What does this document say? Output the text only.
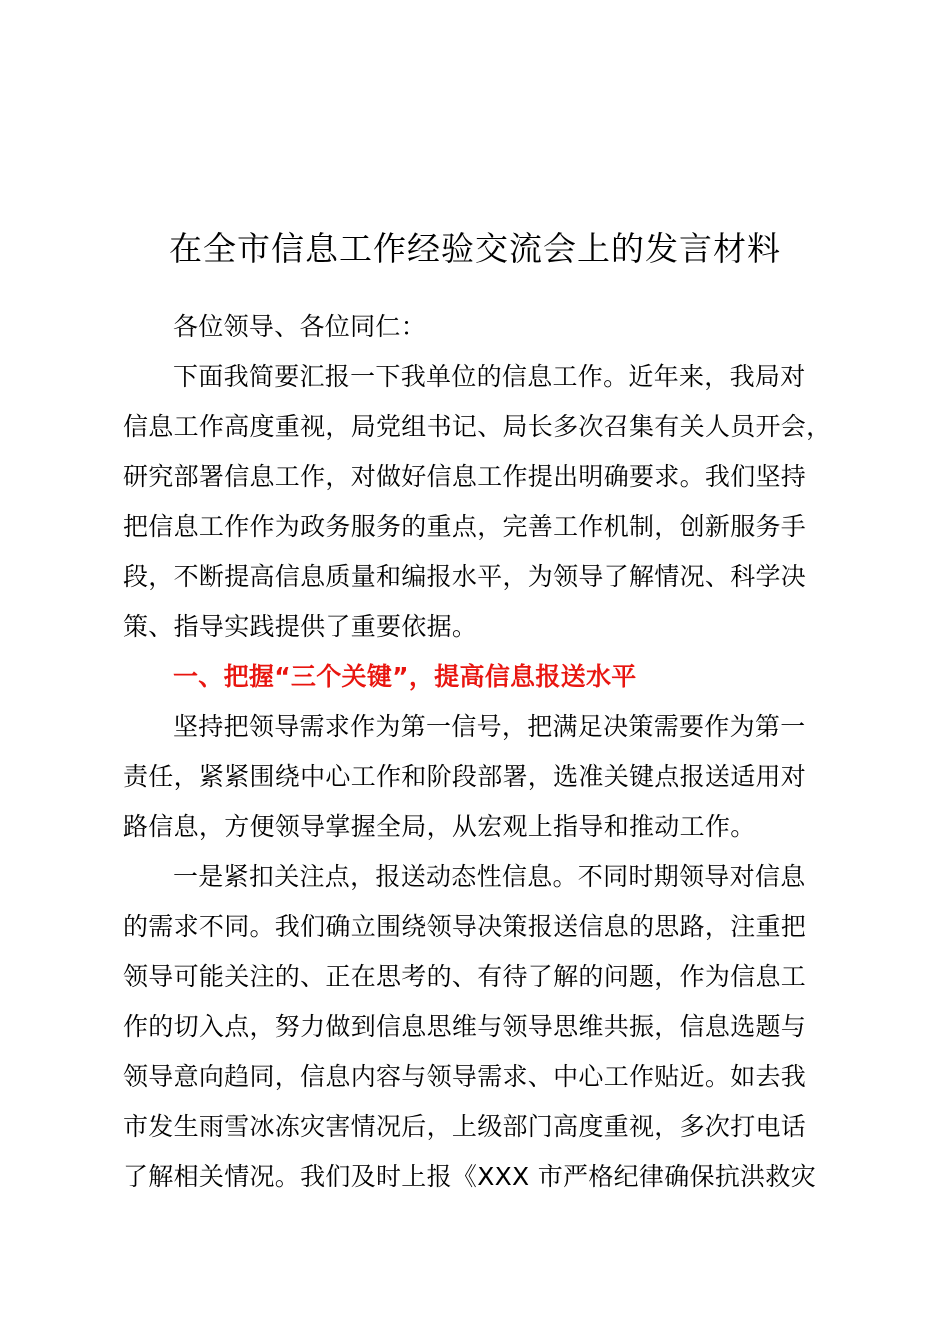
在全市信息工作经验交流会上的发言材料
各位领导、各位同仁：
下面我简要汇报一下我单位的信息工作。近年来，我局对
信息工作高度重视，局党组书记、局长多次召集有关人员开会，
研究部署信息工作，对做好信息工作提出明确要求。我们坚持
把信息工作作为政务服务的重点，完善工作机制，创新服务手
段，不断提高信息质量和编报水平，为领导了解情况、科学决
策、指导实践提供了重要依据。
一、把握“三个关键”，提高信息报送水平
坚持把领导需求作为第一信号，把满足决策需要作为第一
责任，紧紧围绕中心工作和阶段部署，选准关键点报送适用对
路信息，方便领导掌握全局，从宏观上指导和推动工作。
一是紧扣关注点，报送动态性信息。不同时期领导对信息
的需求不同。我们确立围绕领导决策报送信息的思路，注重把
领导可能关注的、正在思考的、有待了解的问题，作为信息工
作的切入点，努力做到信息思维与领导思维共振，信息选题与
领导意向趋同，信息内容与领导需求、中心工作贴近。如去我
市发生雨雪冰冻灾害情况后，上级部门高度重视，多次打电话
了解相关情况。我们及时上报《XXX 市严格纪律确保抗洪救灾
